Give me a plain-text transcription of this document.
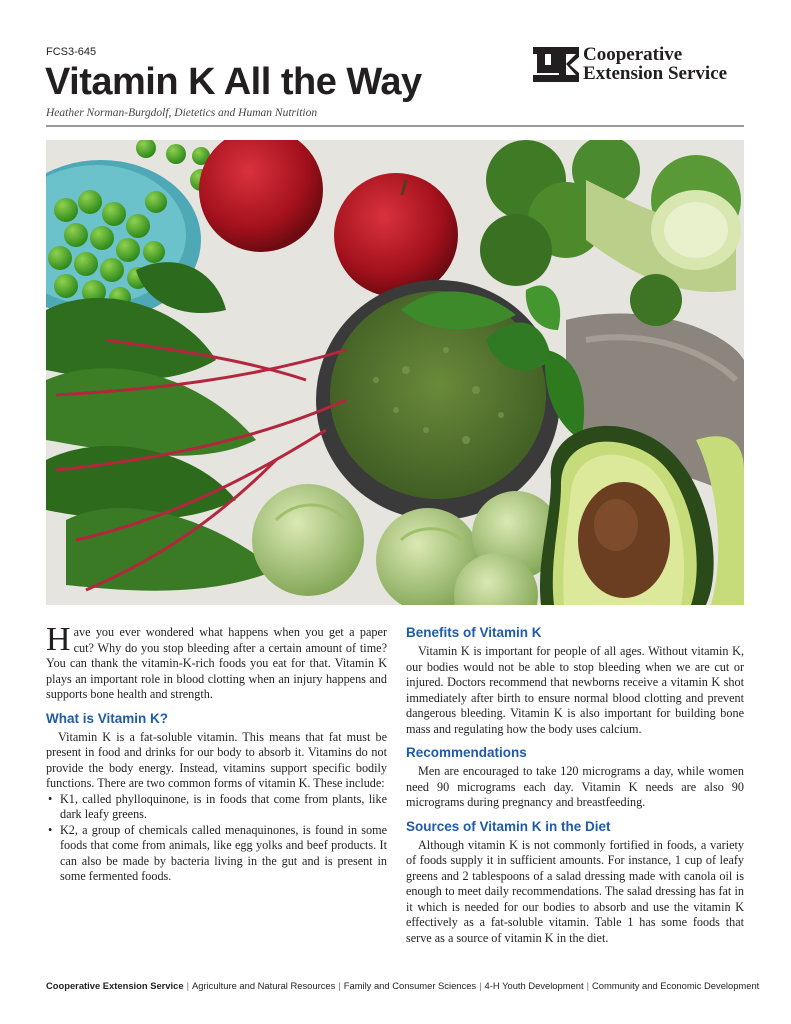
FCS3-645
Vitamin K All the Way
Heather Norman-Burgdolf, Dietetics and Human Nutrition
Cooperative
Extension Service

Have you ever wondered what happens when you get a paper cut? Why do you stop bleeding after a certain amount of time? You can thank the vitamin-K-rich foods you eat for that. Vitamin K plays an important role in blood clotting when an injury happens and supports bone health and strength.

What is Vitamin K?

Vitamin K is a fat-soluble vitamin. This means that fat must be present in food and drinks for our body to absorb it. Vitamins do not provide the body energy. Instead, vitamins support specific bodily functions. There are two common forms of vitamin K. These include:

• K1, called phylloquinone, is in foods that come from plants, like dark leafy greens.
• K2, a group of chemicals called menaquinones, is found in some foods that come from animals, like egg yolks and beef products. It can also be made by bacteria living in the gut and is present in some fermented foods.
Benefits of Vitamin K

Vitamin K is important for people of all ages. Without vitamin K, our bodies would not be able to stop bleeding when we are cut or injured. Doctors recommend that newborns receive a vitamin K shot immediately after birth to ensure normal blood clotting and prevent dangerous bleeding. Vitamin K is also important for building bone mass and regulating how the body uses calcium.

Recommendations

Men are encouraged to take 120 micrograms a day, while women need 90 micrograms each day. Vitamin K needs are also 90 micrograms during pregnancy and breastfeeding.

Sources of Vitamin K in the Diet

Although vitamin K is not commonly fortified in foods, a variety of foods supply it in sufficient amounts. For instance, 1 cup of leafy greens and 2 tablespoons of a salad dressing made with canola oil is enough to meet daily recommendations. The salad dressing has fat in it which is needed for our bodies to absorb and use the vitamin K effectively as a fat-soluble vitamin. Table 1 has some foods that serve as a source of vitamin K in the diet.

Cooperative Extension Service | Agriculture and Natural Resources | Family and Consumer Sciences | 4-H Youth Development | Community and Economic Development
